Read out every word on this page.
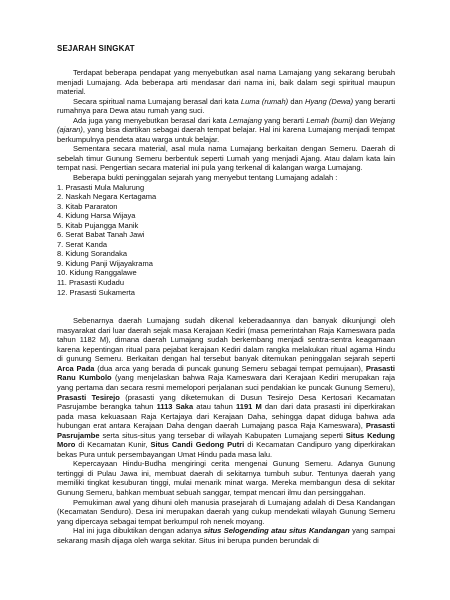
SEJARAH SINGKAT

Terdapat beberapa pendapat yang menyebutkan asal nama Lamajang yang sekarang berubah menjadi Lumajang. Ada beberapa arti mendasar dari nama ini, baik dalam segi spiritual maupun material.

Secara spiritual nama Lumajang berasal dari kata Luma (rumah) dan Hyang (Dewa) yang berarti rumahnya para Dewa atau rumah yang suci.

Ada juga yang menyebutkan berasal dari kata Lemajang yang berarti Lemah (bumi) dan Wejang (ajaran), yang bisa diartikan sebagai daerah tempat belajar. Hal ini karena Lumajang menjadi tempat berkumpulnya pendeta atau warga untuk belajar.

Sementara secara material, asal mula nama Lumajang berkaitan dengan Semeru. Daerah di sebelah timur Gunung Semeru berbentuk seperti Lumah yang menjadi Ajang. Atau dalam kata lain tempat nasi. Pengertian secara material ini pula yang terkenal di kalangan warga Lumajang.

Beberapa bukti peninggalan sejarah yang menyebut tentang Lumajang adalah :

1. Prasasti Mula Malurung
2. Naskah Negara Kertagama
3. Kitab Pararaton
4. Kidung Harsa Wijaya
5. Kitab Pujangga Manik
6. Serat Babat Tanah Jawi
7. Serat Kanda
8. Kidung Sorandaka
9. Kidung Panji Wijayakrama
10. Kidung Ranggalawe
11. Prasasti Kudadu
12. Prasasti Sukamerta

Sebenarnya daerah Lumajang sudah dikenal keberadaannya dan banyak dikunjungi oleh masyarakat dari luar daerah sejak masa Kerajaan Kediri (masa pemerintahan Raja Kameswara pada tahun 1182 M), dimana daerah Lumajang sudah berkembang menjadi sentra-sentra keagamaan karena kepentingan ritual para pejabat kerajaan Kediri dalam rangka melakukan ritual agama Hindu di gunung Semeru. Berkaitan dengan hal tersebut banyak ditemukan peninggalan sejarah seperti Arca Pada (dua arca yang berada di puncak gunung Semeru sebagai tempat pemujaan), Prasasti Ranu Kumbolo (yang menjelaskan bahwa Raja Kameswara dari Kerajaan Kediri merupakan raja yang pertama dan secara resmi memelopori perjalanan suci pendakian ke puncak Gunung Semeru), Prasasti Tesirejo (prasasti yang diketemukan di Dusun Tesirejo Desa Kertosari Kecamatan Pasrujambe berangka tahun 1113 Saka atau tahun 1191 M dan dari data prasasti ini diperkirakan pada masa kekuasaan Raja Kertajaya dari Kerajaan Daha, sehingga dapat diduga bahwa ada hubungan erat antara Kerajaan Daha dengan daerah Lumajang pasca Raja Kameswara), Prasasti Pasrujambe serta situs-situs yang tersebar di wilayah Kabupaten Lumajang seperti Situs Kedung Moro di Kecamatan Kunir, Situs Candi Gedong Putri di Kecamatan Candipuro yang diperkirakan bekas Pura untuk persembayangan Umat Hindu pada masa lalu.

Kepercayaan Hindu-Budha mengiringi cerita mengenai Gunung Semeru. Adanya Gunung tertinggi di Pulau Jawa ini, membuat daerah di sekitarnya tumbuh subur. Tentunya daerah yang memiliki tingkat kesuburan tinggi, mulai menarik minat warga. Mereka membangun desa di sekitar Gunung Semeru, bahkan membuat sebuah sanggar, tempat mencari ilmu dan persinggahan.

Pemukiman awal yang dihuni oleh manusia prasejarah di Lumajang adalah di Desa Kandangan (Kecamatan Senduro). Desa ini merupakan daerah yang cukup mendekati wilayah Gunung Semeru yang dipercaya sebagai tempat berkumpul roh nenek moyang.

Hal ini juga dibuktikan dengan adanya situs Selogending atau situs Kandangan yang sampai sekarang masih dijaga oleh warga sekitar. Situs ini berupa punden berundak di
